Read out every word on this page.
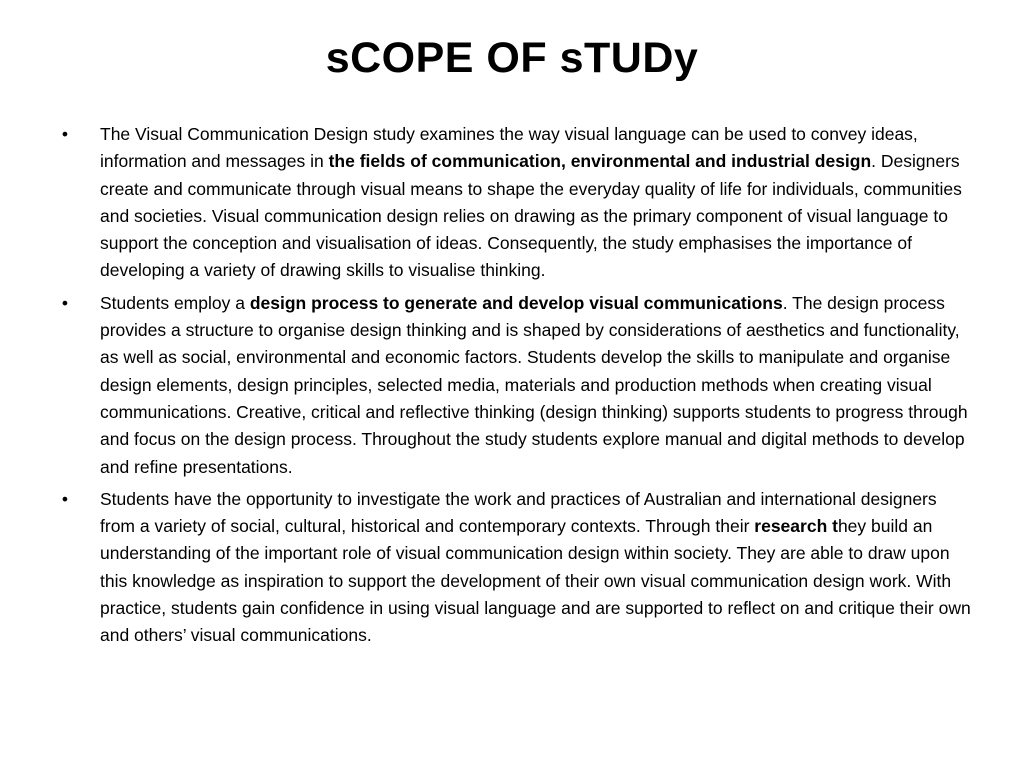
sCOPE OF sTUDy
• The Visual Communication Design study examines the way visual language can be used to convey ideas, information and messages in the fields of communication, environmental and industrial design. Designers create and communicate through visual means to shape the everyday quality of life for individuals, communities and societies. Visual communication design relies on drawing as the primary component of visual language to support the conception and visualisation of ideas. Consequently, the study emphasises the importance of developing a variety of drawing skills to visualise thinking.
• Students employ a design process to generate and develop visual communications. The design process provides a structure to organise design thinking and is shaped by considerations of aesthetics and functionality, as well as social, environmental and economic factors. Students develop the skills to manipulate and organise design elements, design principles, selected media, materials and production methods when creating visual communications. Creative, critical and reflective thinking (design thinking) supports students to progress through and focus on the design process. Throughout the study students explore manual and digital methods to develop and refine presentations.
• Students have the opportunity to investigate the work and practices of Australian and international designers from a variety of social, cultural, historical and contemporary contexts. Through their research they build an understanding of the important role of visual communication design within society. They are able to draw upon this knowledge as inspiration to support the development of their own visual communication design work. With practice, students gain confidence in using visual language and are supported to reflect on and critique their own and others’ visual communications.
